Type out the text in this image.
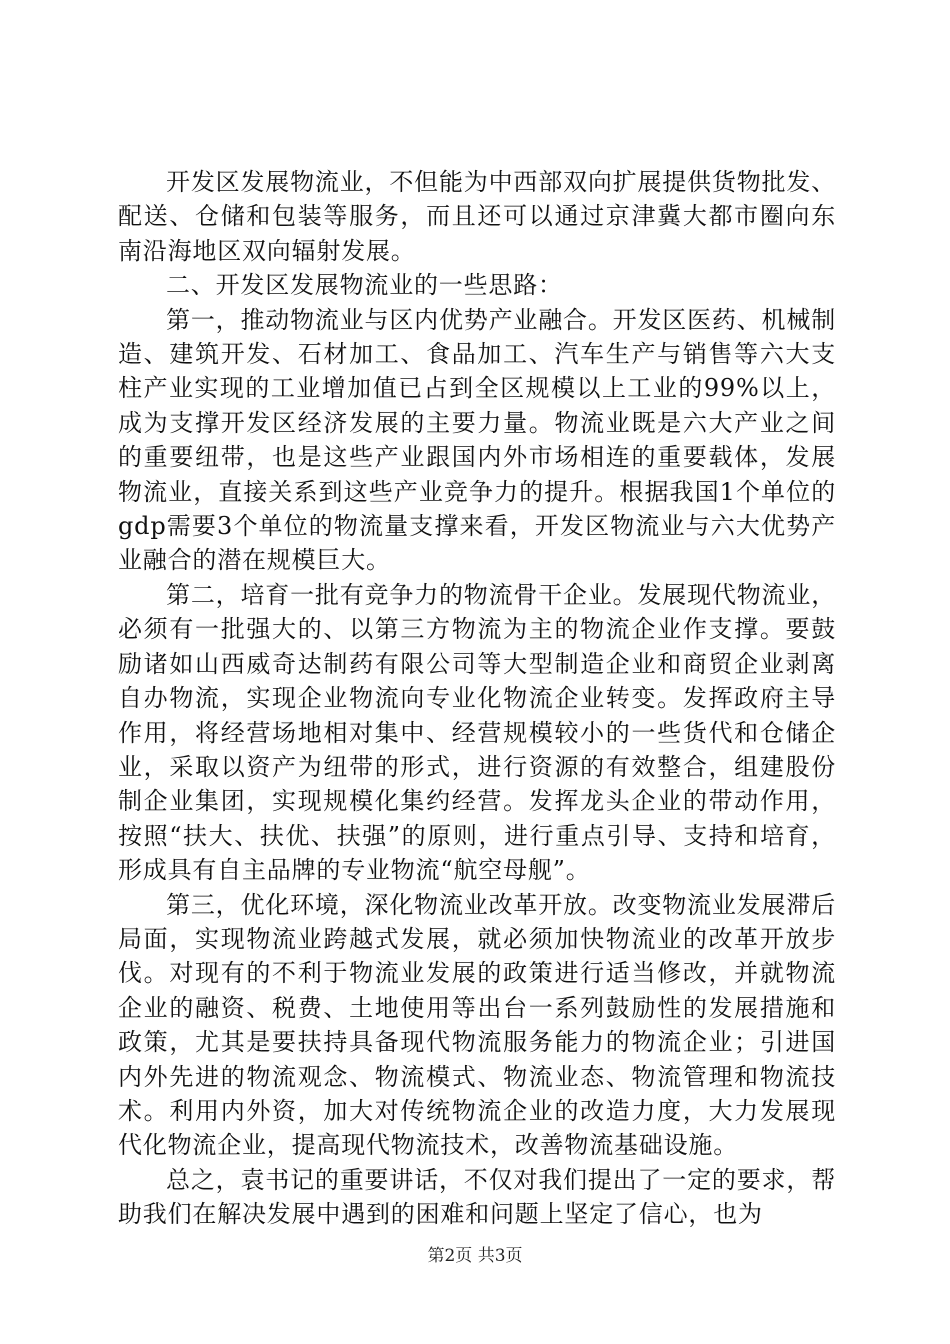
开发区发展物流业，不但能为中西部双向扩展提供货物批发、配送、仓储和包装等服务，而且还可以通过京津冀大都市圈向东南沿海地区双向辐射发展。

二、开发区发展物流业的一些思路：

第一，推动物流业与区内优势产业融合。开发区医药、机械制造、建筑开发、石材加工、食品加工、汽车生产与销售等六大支柱产业实现的工业增加值已占到全区规模以上工业的99%以上，成为支撑开发区经济发展的主要力量。物流业既是六大产业之间的重要纽带，也是这些产业跟国内外市场相连的重要载体，发展物流业，直接关系到这些产业竞争力的提升。根据我国1个单位的gdp需要3个单位的物流量支撑来看，开发区物流业与六大优势产业融合的潜在规模巨大。

第二，培育一批有竞争力的物流骨干企业。发展现代物流业，必须有一批强大的、以第三方物流为主的物流企业作支撑。要鼓励诸如山西威奇达制药有限公司等大型制造企业和商贸企业剥离自办物流，实现企业物流向专业化物流企业转变。发挥政府主导作用，将经营场地相对集中、经营规模较小的一些货代和仓储企业，采取以资产为纽带的形式，进行资源的有效整合，组建股份制企业集团，实现规模化集约经营。发挥龙头企业的带动作用，按照“扶大、扶优、扶强”的原则，进行重点引导、支持和培育，形成具有自主品牌的专业物流“航空母舰”。

第三，优化环境，深化物流业改革开放。改变物流业发展滞后局面，实现物流业跨越式发展，就必须加快物流业的改革开放步伐。对现有的不利于物流业发展的政策进行适当修改，并就物流企业的融资、税费、土地使用等出台一系列鼓励性的发展措施和政策，尤其是要扶持具备现代物流服务能力的物流企业；引进国内外先进的物流观念、物流模式、物流业态、物流管理和物流技术。利用内外资，加大对传统物流企业的改造力度，大力发展现代化物流企业，提高现代物流技术，改善物流基础设施。

总之，袁书记的重要讲话，不仅对我们提出了一定的要求，帮助我们在解决发展中遇到的困难和问题上坚定了信心，也为

第2页 共3页
